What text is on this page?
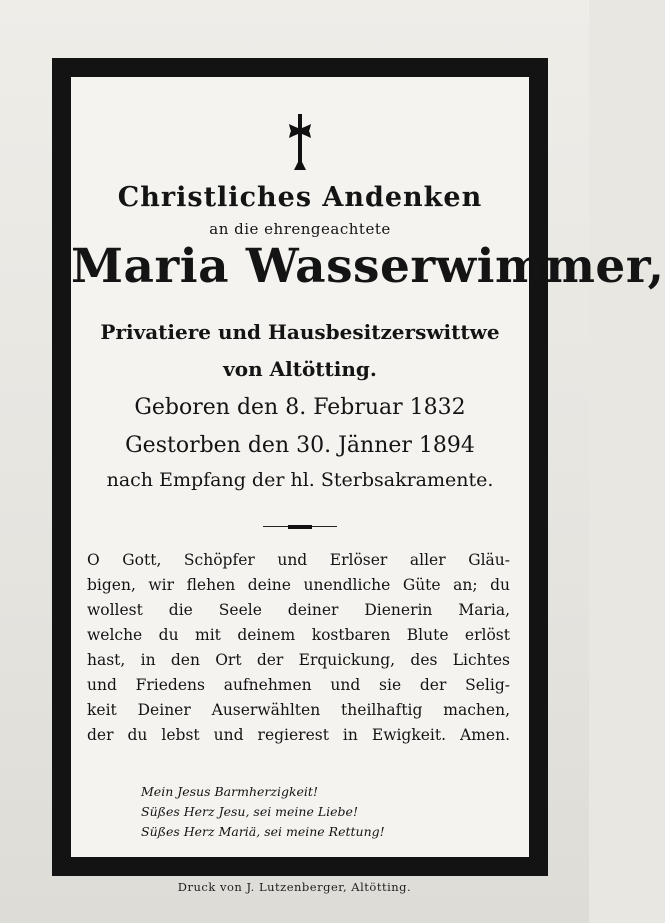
Christliches Andenken
an die ehrengeachtete
Maria Wasserwimmer,
Privatiere und Hausbesitzerswittwe
von Altötting.
Geboren den 8. Februar 1832
Gestorben den 30. Jänner 1894
nach Empfang der hl. Sterbsakramente.
O Gott, Schöpfer und Erlöser aller Gläu-
bigen, wir flehen deine unendliche Güte an; du
wollest die Seele deiner Dienerin Maria,
welche du mit deinem kostbaren Blute erlöst
hast, in den Ort der Erquickung, des Lichtes
und Friedens aufnehmen und sie der Selig-
keit Deiner Auserwählten theilhaftig machen,
der du lebst und regierest in Ewigkeit. Amen.
Mein Jesus Barmherzigkeit!
Süßes Herz Jesu, sei meine Liebe!
Süßes Herz Mariä, sei meine Rettung!
Druck von J. Lutzenberger, Altötting.
